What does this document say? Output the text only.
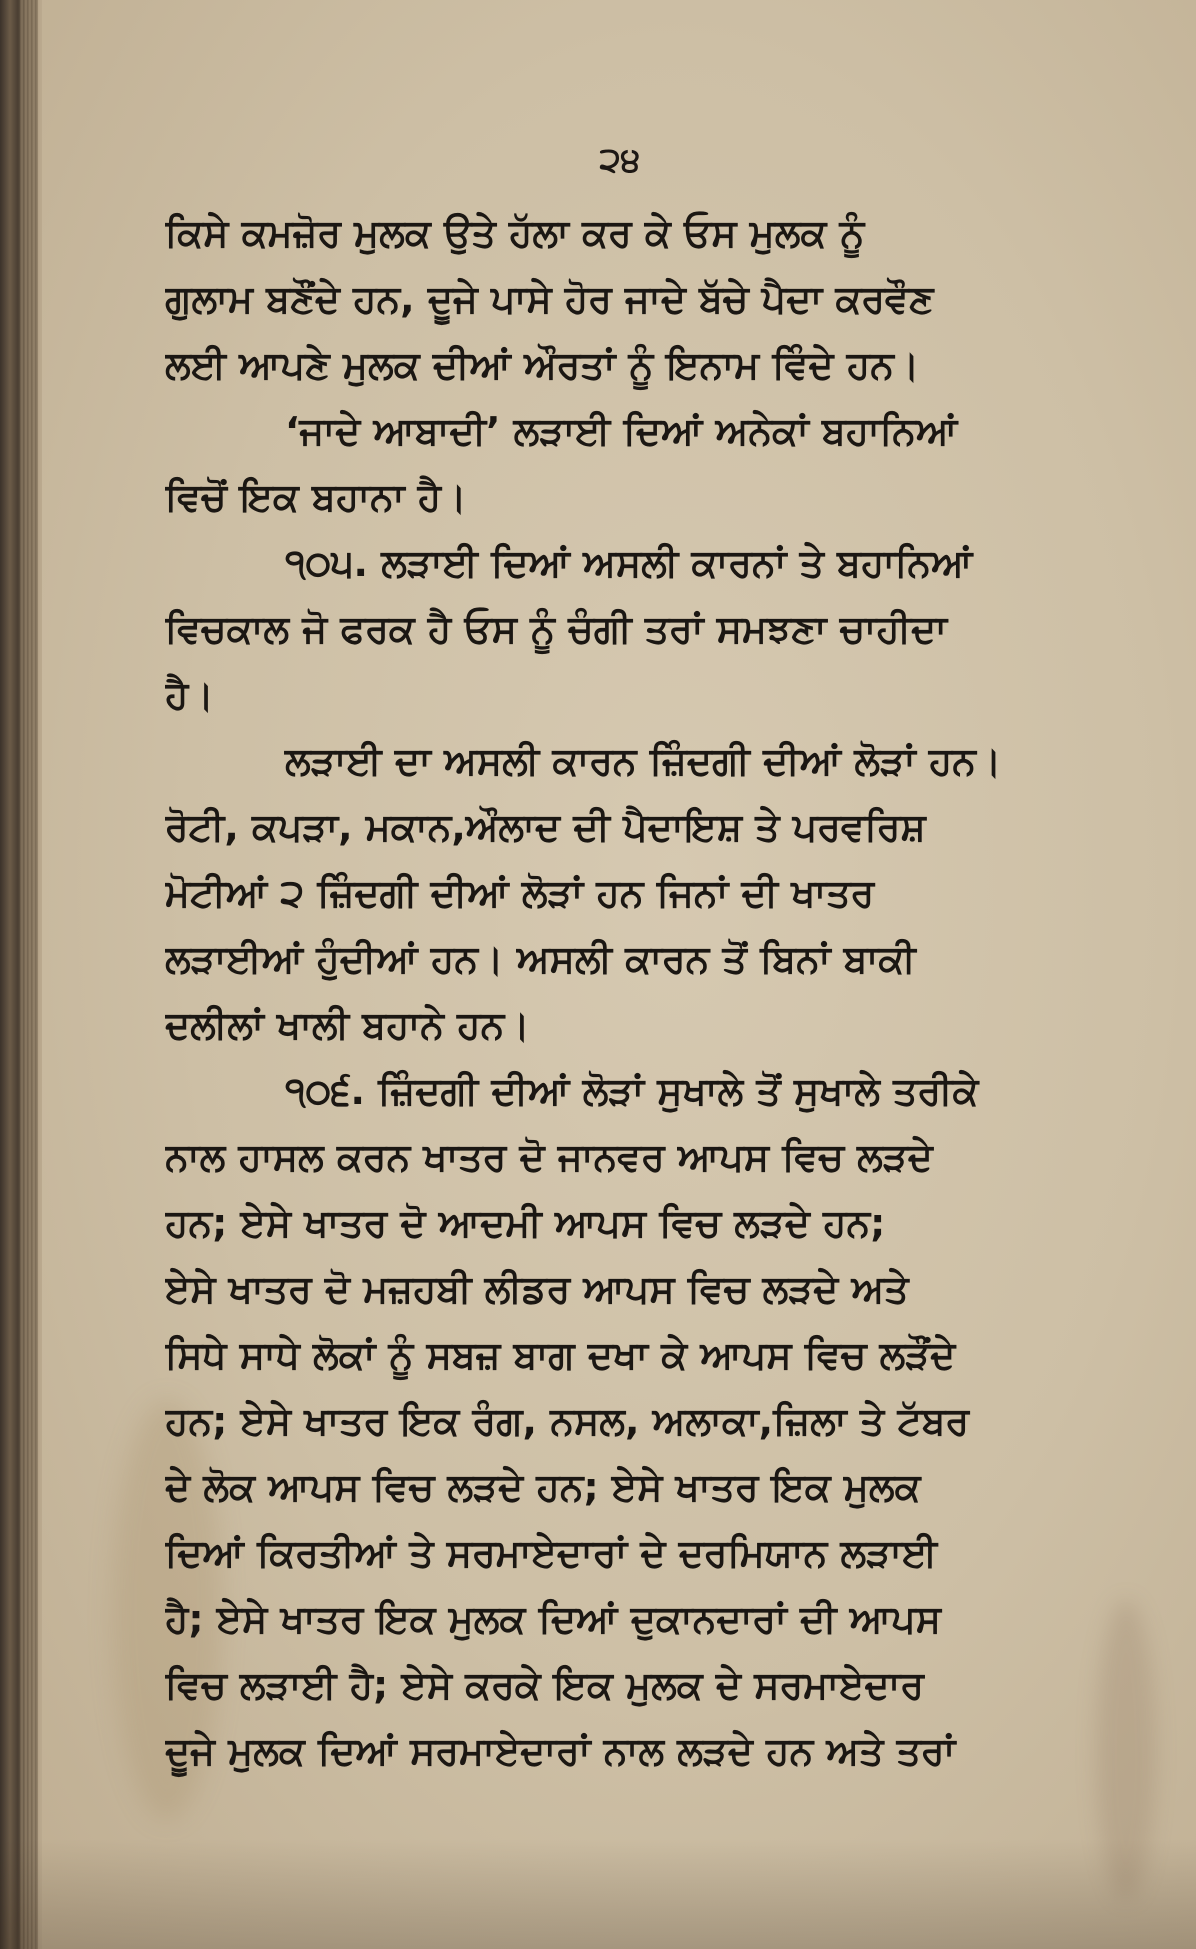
੨੪
ਕਿਸੇ ਕਮਜ਼ੋਰ ਮੁਲਕ ਉਤੇ ਹੱਲਾ ਕਰ ਕੇ ਓਸ ਮੁਲਕ ਨੂੰ
ਗੁਲਾਮ ਬਣੌਂਦੇ ਹਨ, ਦੂਜੇ ਪਾਸੇ ਹੋਰ ਜਾਦੇ ਬੱਚੇ ਪੈਦਾ ਕਰਵੌਣ
ਲਈ ਆਪਣੇ ਮੁਲਕ ਦੀਆਂ ਔਰਤਾਂ ਨੂੰ ਇਨਾਮ ਵਿੰਦੇ ਹਨ।
‘ਜਾਦੇ ਆਬਾਦੀ’ ਲੜਾਈ ਦਿਆਂ ਅਨੇਕਾਂ ਬਹਾਨਿਆਂ
ਵਿਚੋਂ ਇਕ ਬਹਾਨਾ ਹੈ।
੧੦੫. ਲੜਾਈ ਦਿਆਂ ਅਸਲੀ ਕਾਰਨਾਂ ਤੇ ਬਹਾਨਿਆਂ
ਵਿਚਕਾਲ ਜੋ ਫਰਕ ਹੈ ਓਸ ਨੂੰ ਚੰਗੀ ਤਰਾਂ ਸਮਝਣਾ ਚਾਹੀਦਾ
ਹੈ।
ਲੜਾਈ ਦਾ ਅਸਲੀ ਕਾਰਨ ਜ਼ਿੰਦਗੀ ਦੀਆਂ ਲੋੜਾਂ ਹਨ।
ਰੋਟੀ, ਕਪੜਾ, ਮਕਾਨ,ਔਲਾਦ ਦੀ ਪੈਦਾਇਸ਼ ਤੇ ਪਰਵਰਿਸ਼
ਮੋਟੀਆਂ ੨ ਜ਼ਿੰਦਗੀ ਦੀਆਂ ਲੋੜਾਂ ਹਨ ਜਿਨਾਂ ਦੀ ਖਾਤਰ
ਲੜਾਈਆਂ ਹੁੰਦੀਆਂ ਹਨ। ਅਸਲੀ ਕਾਰਨ ਤੋਂ ਬਿਨਾਂ ਬਾਕੀ
ਦਲੀਲਾਂ ਖਾਲੀ ਬਹਾਨੇ ਹਨ।
੧੦੬. ਜ਼ਿੰਦਗੀ ਦੀਆਂ ਲੋੜਾਂ ਸੁਖਾਲੇ ਤੋਂ ਸੁਖਾਲੇ ਤਰੀਕੇ
ਨਾਲ ਹਾਸਲ ਕਰਨ ਖਾਤਰ ਦੋ ਜਾਨਵਰ ਆਪਸ ਵਿਚ ਲੜਦੇ
ਹਨ; ਏਸੇ ਖਾਤਰ ਦੋ ਆਦਮੀ ਆਪਸ ਵਿਚ ਲੜਦੇ ਹਨ;
ਏਸੇ ਖਾਤਰ ਦੋ ਮਜ਼ਹਬੀ ਲੀਡਰ ਆਪਸ ਵਿਚ ਲੜਦੇ ਅਤੇ
ਸਿਧੇ ਸਾਧੇ ਲੋਕਾਂ ਨੂੰ ਸਬਜ਼ ਬਾਗ ਦਖਾ ਕੇ ਆਪਸ ਵਿਚ ਲੜੌਂਦੇ
ਹਨ; ਏਸੇ ਖਾਤਰ ਇਕ ਰੰਗ, ਨਸਲ, ਅਲਾਕਾ,ਜ਼ਿਲਾ ਤੇ ਟੱਬਰ
ਦੇ ਲੋਕ ਆਪਸ ਵਿਚ ਲੜਦੇ ਹਨ; ਏਸੇ ਖਾਤਰ ਇਕ ਮੁਲਕ
ਦਿਆਂ ਕਿਰਤੀਆਂ ਤੇ ਸਰਮਾਏਦਾਰਾਂ ਦੇ ਦਰਮਿਯਾਨ ਲੜਾਈ
ਹੈ; ਏਸੇ ਖਾਤਰ ਇਕ ਮੁਲਕ ਦਿਆਂ ਦੁਕਾਨਦਾਰਾਂ ਦੀ ਆਪਸ
ਵਿਚ ਲੜਾਈ ਹੈ; ਏਸੇ ਕਰਕੇ ਇਕ ਮੁਲਕ ਦੇ ਸਰਮਾਏਦਾਰ
ਦੂਜੇ ਮੁਲਕ ਦਿਆਂ ਸਰਮਾਏਦਾਰਾਂ ਨਾਲ ਲੜਦੇ ਹਨ ਅਤੇ ਤਰਾਂ
